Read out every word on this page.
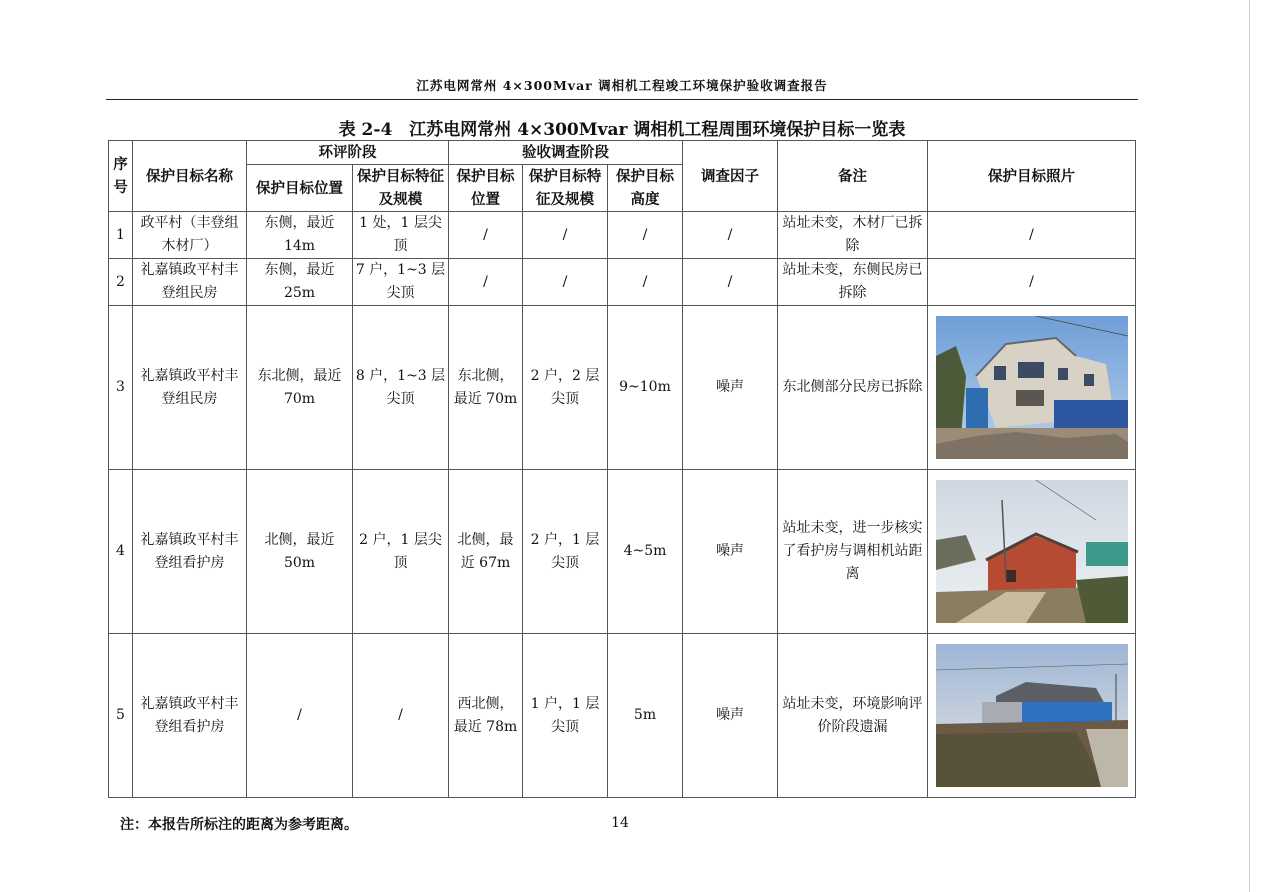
江苏电网常州 4×300Mvar 调相机工程竣工环境保护验收调查报告
表 2-4　江苏电网常州 4×300Mvar 调相机工程周围环境保护目标一览表
序号	保护目标名称	环评阶段		验收调查阶段			调查因子	备注	保护目标照片
		保护目标位置	保护目标特征及规模	保护目标位置	保护目标特征及规模	保护目标高度			
1	政平村（丰登组木材厂）	东侧，最近14m	1 处，1 层尖顶	/	/	/	/	站址未变，木材厂已拆除	/
2	礼嘉镇政平村丰登组民房	东侧，最近25m	7 户，1~3 层尖顶	/	/	/	/	站址未变，东侧民房已拆除	/
3	礼嘉镇政平村丰登组民房	东北侧，最近 70m	8 户，1~3 层尖顶	东北侧，最近 70m	2 户，2 层尖顶	9~10m	噪声	东北侧部分民房已拆除	

4	礼嘉镇政平村丰登组看护房	北侧，最近 50m	2 户，1 层尖顶	北侧，最近 67m	2 户，1 层尖顶	4~5m	噪声	站址未变，进一步核实了看护房与调相机站距离	

5	礼嘉镇政平村丰登组看护房	/	/	西北侧，最近 78m	1 户，1 层尖顶	5m	噪声	站址未变，环境影响评价阶段遗漏	
注：本报告所标注的距离为参考距离。	14
